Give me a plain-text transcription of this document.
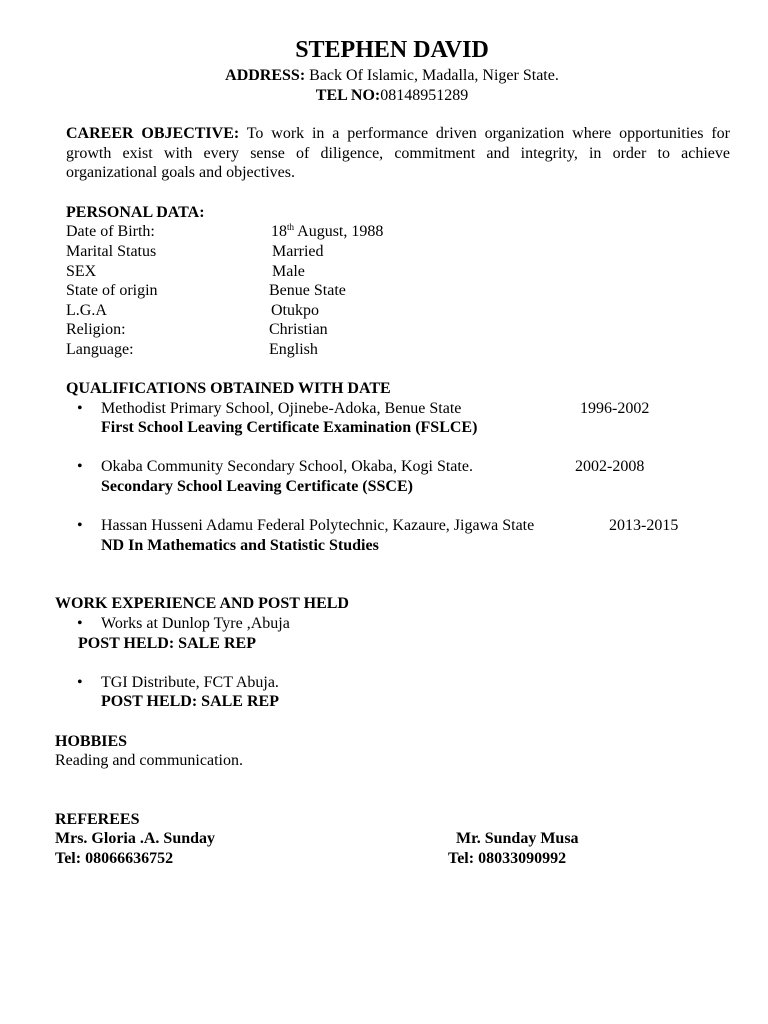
STEPHEN DAVID
ADDRESS: Back Of Islamic, Madalla, Niger State.
TEL NO:08148951289
CAREER OBJECTIVE: To work in a performance driven organization where opportunities for growth exist with every sense of diligence, commitment and integrity, in order to achieve organizational goals and objectives.
PERSONAL DATA:
Date of Birth:	18th August, 1988
Marital Status	Married
SEX	Male
State of origin	Benue State
L.G.A	Otukpo
Religion:	Christian
Language:	English
QUALIFICATIONS OBTAINED WITH DATE
• Methodist Primary School, Ojinebe-Adoka, Benue State	1996-2002
First School Leaving Certificate Examination (FSLCE)
• Okaba Community Secondary School, Okaba, Kogi State.	2002-2008
Secondary School Leaving Certificate (SSCE)
• Hassan Husseni Adamu Federal Polytechnic, Kazaure, Jigawa State	2013-2015
ND In Mathematics and Statistic Studies
WORK EXPERIENCE AND POST HELD
• Works at Dunlop Tyre ,Abuja
POST HELD: SALE REP
• TGI Distribute, FCT Abuja.
POST HELD: SALE REP
HOBBIES
Reading and communication.
REFEREES
Mrs. Gloria .A. Sunday
Tel: 08066636752
Mr. Sunday Musa
Tel: 08033090992
